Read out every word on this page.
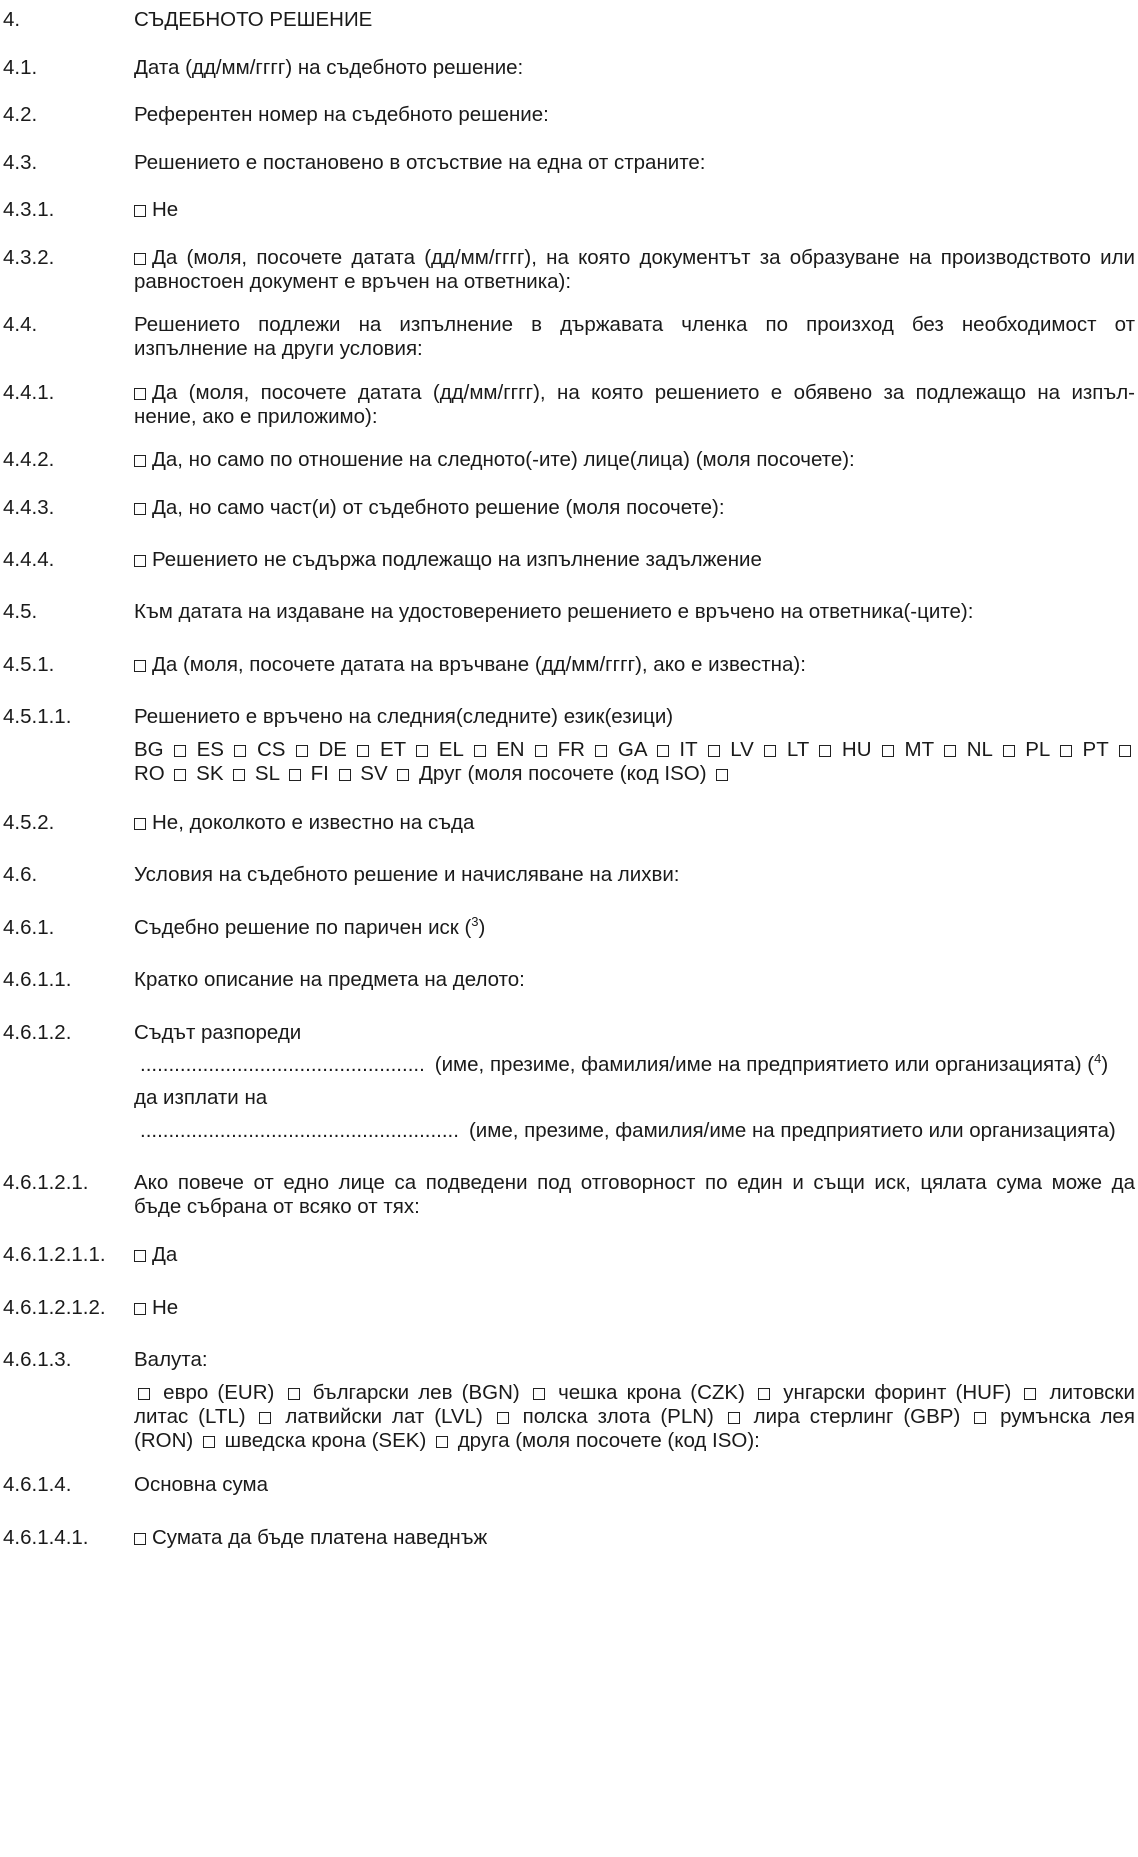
4.	СЪДЕБНОТО РЕШЕНИЕ
4.1.	Дата (дд/мм/гггг) на съдебното решение:
4.2.	Референтен номер на съдебното решение:
4.3.	Решението е постановено в отсъствие на една от страните:
4.3.1.	Не
4.3.2.	Да (моля, посочете датата (дд/мм/гггг), на която документът за образуване на производството или
равностоен документ е връчен на ответника):
4.4.	Решението подлежи на изпълнение в държавата членка по произход без необходимост от
изпълнение на други условия:
4.4.1.	Да (моля, посочете датата (дд/мм/гггг), на която решението е обявено за подлежащо на изпъл-
нение, ако е приложимо):
4.4.2.	Да, но само по отношение на следното(-ите) лице(лица) (моля посочете):
4.4.3.	Да, но само част(и) от съдебното решение (моля посочете):
4.4.4.	Решението не съдържа подлежащо на изпълнение задължение
4.5.	Към датата на издаване на удостоверението решението е връчено на ответника(-ците):
4.5.1.	Да (моля, посочете датата на връчване (дд/мм/гггг), ако е известна):
4.5.1.1.	Решението е връчено на следния(следните) език(езици)
BG ES CS DE ET EL EN FR GA IT LV LT HU MT NL PL PT
RO SK SL FI SV Друг (моля посочете (код ISO)
4.5.2.	Не, доколкото е известно на съда
4.6.	Условия на съдебното решение и начисляване на лихви:
4.6.1.	Съдебно решение по паричен иск ($^3$)
4.6.1.1.	Кратко описание на предмета на делото:
4.6.1.2.	Съдът разпореди
.................................................. (име, презиме, фамилия/име на предприятието или организацията) ($^4$)
да изплати на
........................................................ (име, презиме, фамилия/име на предприятието или организацията)
4.6.1.2.1. Ако повече от едно лице са подведени под отговорност по един и същи иск, цялата сума може да
бъде събрана от всяко от тях:
4.6.1.2.1.1.	Да
4.6.1.2.1.2.	Не
4.6.1.3.	Валута:
евро (EUR) български лев (BGN) чешка крона (CZK) унгарски форинт (HUF) литовски
литас (LTL) латвийски лат (LVL) полска злота (PLN) лира стерлинг (GBP) румънска лея
(RON) шведска крона (SEK) друга (моля посочете (код ISO):
4.6.1.4.	Основна сума
4.6.1.4.1.	Сумата да бъде платена наведнъж
